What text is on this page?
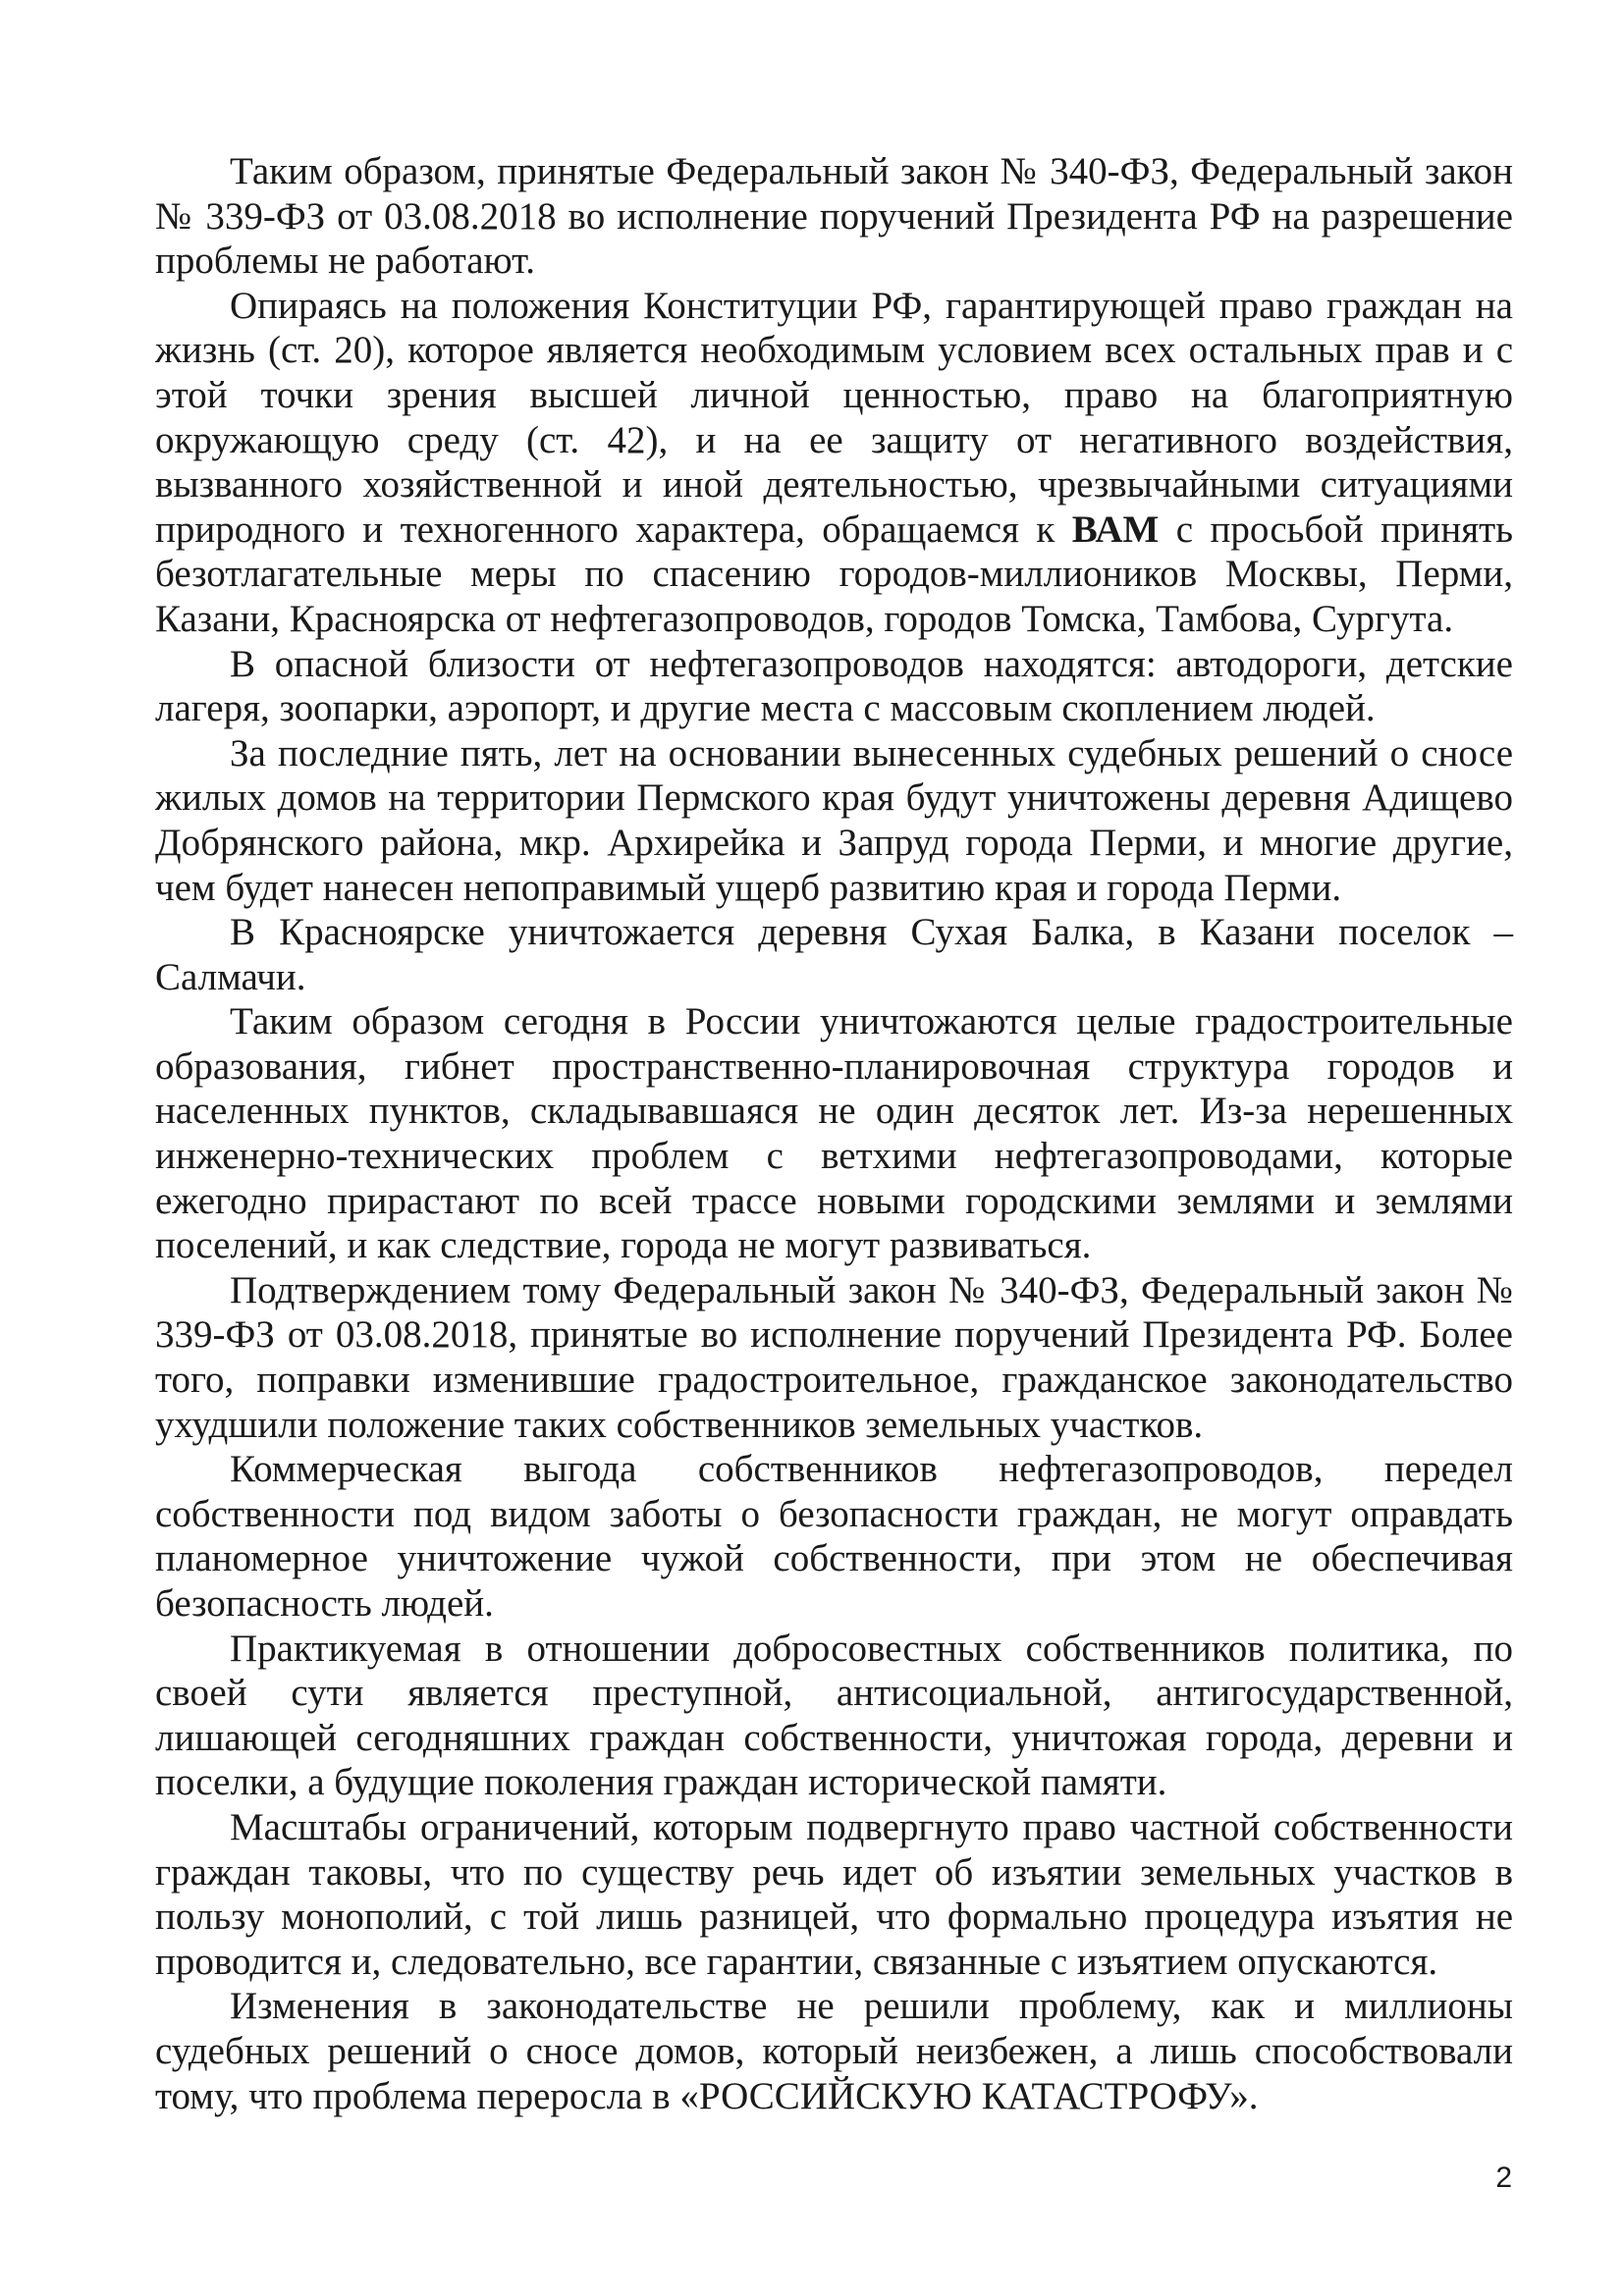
Таким образом, принятые Федеральный закон № 340-ФЗ, Федеральный закон № 339-ФЗ от 03.08.2018 во исполнение поручений Президента РФ на разрешение проблемы не работают.

Опираясь на положения Конституции РФ, гарантирующей право граждан на жизнь (ст. 20), которое является необходимым условием всех остальных прав и с этой точки зрения высшей личной ценностью, право на благоприятную окружающую среду (ст. 42), и на ее защиту от негативного воздействия, вызванного хозяйственной и иной деятельностью, чрезвычайными ситуациями природного и техногенного характера, обращаемся к ВАМ с просьбой принять безотлагательные меры по спасению городов-миллиоников Москвы, Перми, Казани, Красноярска от нефтегазопроводов, городов Томска, Тамбова, Сургута.

В опасной близости от нефтегазопроводов находятся: автодороги, детские лагеря, зоопарки, аэропорт, и другие места с массовым скоплением людей.

За последние пять, лет на основании вынесенных судебных решений о сносе жилых домов на территории Пермского края будут уничтожены деревня Адищево Добрянского района, мкр. Архирейка и Запруд города Перми, и многие другие, чем будет нанесен непоправимый ущерб развитию края и города Перми.

В Красноярске уничтожается деревня Сухая Балка, в Казани поселок – Салмачи.

Таким образом сегодня в России уничтожаются целые градостроительные образования, гибнет пространственно-планировочная структура городов и населенных пунктов, складывавшаяся не один десяток лет. Из-за нерешенных инженерно-технических проблем с ветхими нефтегазопроводами, которые ежегодно прирастают по всей трассе новыми городскими землями и землями поселений, и как следствие, города не могут развиваться.

Подтверждением тому Федеральный закон № 340-ФЗ, Федеральный закон № 339-ФЗ от 03.08.2018, принятые во исполнение поручений Президента РФ. Более того, поправки изменившие градостроительное, гражданское законодательство ухудшили положение таких собственников земельных участков.

Коммерческая выгода собственников нефтегазопроводов, передел собственности под видом заботы о безопасности граждан, не могут оправдать планомерное уничтожение чужой собственности, при этом не обеспечивая безопасность людей.

Практикуемая в отношении добросовестных собственников политика, по своей сути является преступной, антисоциальной, антигосударственной, лишающей сегодняшних граждан собственности, уничтожая города, деревни и поселки, а будущие поколения граждан исторической памяти.

Масштабы ограничений, которым подвергнуто право частной собственности граждан таковы, что по существу речь идет об изъятии земельных участков в пользу монополий, с той лишь разницей, что формально процедура изъятия не проводится и, следовательно, все гарантии, связанные с изъятием опускаются.

Изменения в законодательстве не решили проблему, как и миллионы судебных решений о сносе домов, который неизбежен, а лишь способствовали тому, что проблема переросла в «РОССИЙСКУЮ КАТАСТРОФУ».

2
